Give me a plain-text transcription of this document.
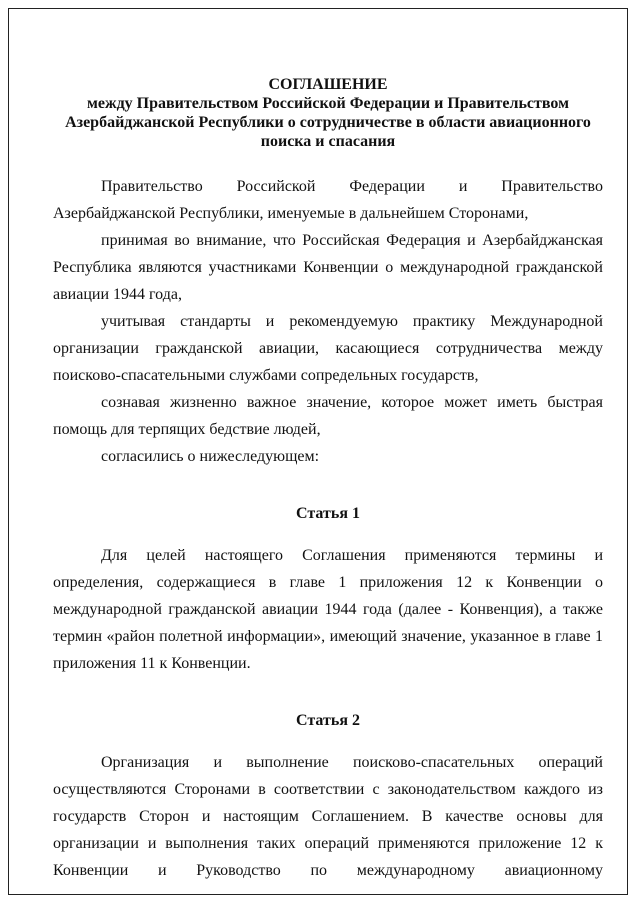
СОГЛАШЕНИЕ

между Правительством Российской Федерации и Правительством Азербайджанской Республики о сотрудничестве в области авиационного поиска и спасания

Правительство Российской Федерации и Правительство Азербайджанской Республики, именуемые в дальнейшем Сторонами,

принимая во внимание, что Российская Федерация и Азербайджанская Республика являются участниками Конвенции о международной гражданской авиации 1944 года,

учитывая стандарты и рекомендуемую практику Международной организации гражданской авиации, касающиеся сотрудничества между поисково-спасательными службами сопредельных государств,

сознавая жизненно важное значение, которое может иметь быстрая помощь для терпящих бедствие людей,

согласились о нижеследующем:

Статья 1

Для целей настоящего Соглашения применяются термины и определения, содержащиеся в главе 1 приложения 12 к Конвенции о международной гражданской авиации 1944 года (далее - Конвенция), а также термин «район полетной информации», имеющий значение, указанное в главе 1 приложения 11 к Конвенции.

Статья 2

Организация и выполнение поисково-спасательных операций осуществляются Сторонами в соответствии с законодательством каждого из государств Сторон и настоящим Соглашением. В качестве основы для организации и выполнения таких операций применяются приложение 12 к Конвенции и Руководство по международному авиационному
